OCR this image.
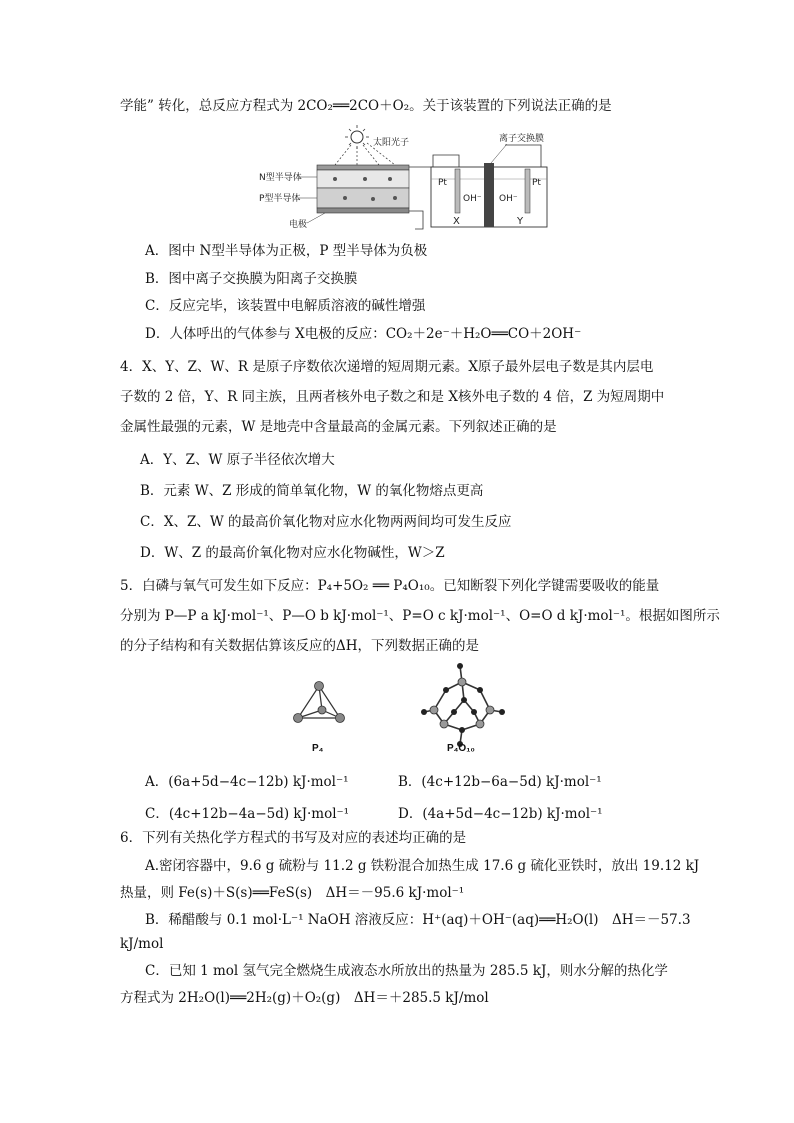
学能” 转化，总反应方程式为 2CO₂══2CO＋O₂。关于该装置的下列说法正确的是
太阳光子
N型半导体
P型半导体
电极
Pt	Pt
OH⁻ OH⁻
X	Y
离子交换膜
A．图中 N型半导体为正极，P 型半导体为负极
B．图中离子交换膜为阳离子交换膜
C．反应完毕，该装置中电解质溶液的碱性增强
D．人体呼出的气体参与 X电极的反应：CO₂＋2e⁻＋H₂O══CO＋2OH⁻
4．X、Y、Z、W、R 是原子序数依次递增的短周期元素。X原子最外层电子数是其内层电
子数的 2 倍，Y、R 同主族，且两者核外电子数之和是 X核外电子数的 4 倍，Z 为短周期中
金属性最强的元素，W 是地壳中含量最高的金属元素。下列叙述正确的是
A．Y、Z、W 原子半径依次增大
B．元素 W、Z 形成的简单氧化物，W 的氧化物熔点更高
C．X、Z、W 的最高价氧化物对应水化物两两间均可发生反应
D．W、Z 的最高价氧化物对应水化物碱性，W＞Z
5．白磷与氧气可发生如下反应：P₄+5O₂ ══ P₄O₁₀。已知断裂下列化学键需要吸收的能量
分别为 P—P a kJ·mol⁻¹、P—O b kJ·mol⁻¹、P=O c kJ·mol⁻¹、O=O d kJ·mol⁻¹。根据如图所示
的分子结构和有关数据估算该反应的ΔH，下列数据正确的是
P₄	P₄O₁₀
A．(6a+5d−4c−12b) kJ·mol⁻¹	B．(4c+12b−6a−5d) kJ·mol⁻¹
C．(4c+12b−4a−5d) kJ·mol⁻¹	D．(4a+5d−4c−12b) kJ·mol⁻¹
6．下列有关热化学方程式的书写及对应的表述均正确的是
A.密闭容器中，9.6 g 硫粉与 11.2 g 铁粉混合加热生成 17.6 g 硫化亚铁时，放出 19.12 kJ
热量，则 Fe(s)＋S(s)══FeS(s)　ΔH＝－95.6 kJ·mol⁻¹
B．稀醋酸与 0.1 mol·L⁻¹ NaOH 溶液反应：H⁺(aq)＋OH⁻(aq)══H₂O(l)　ΔH＝－57.3
kJ/mol
C．已知 1 mol 氢气完全燃烧生成液态水所放出的热量为 285.5 kJ，则水分解的热化学
方程式为 2H₂O(l)══2H₂(g)＋O₂(g)　ΔH＝＋285.5 kJ/mol
